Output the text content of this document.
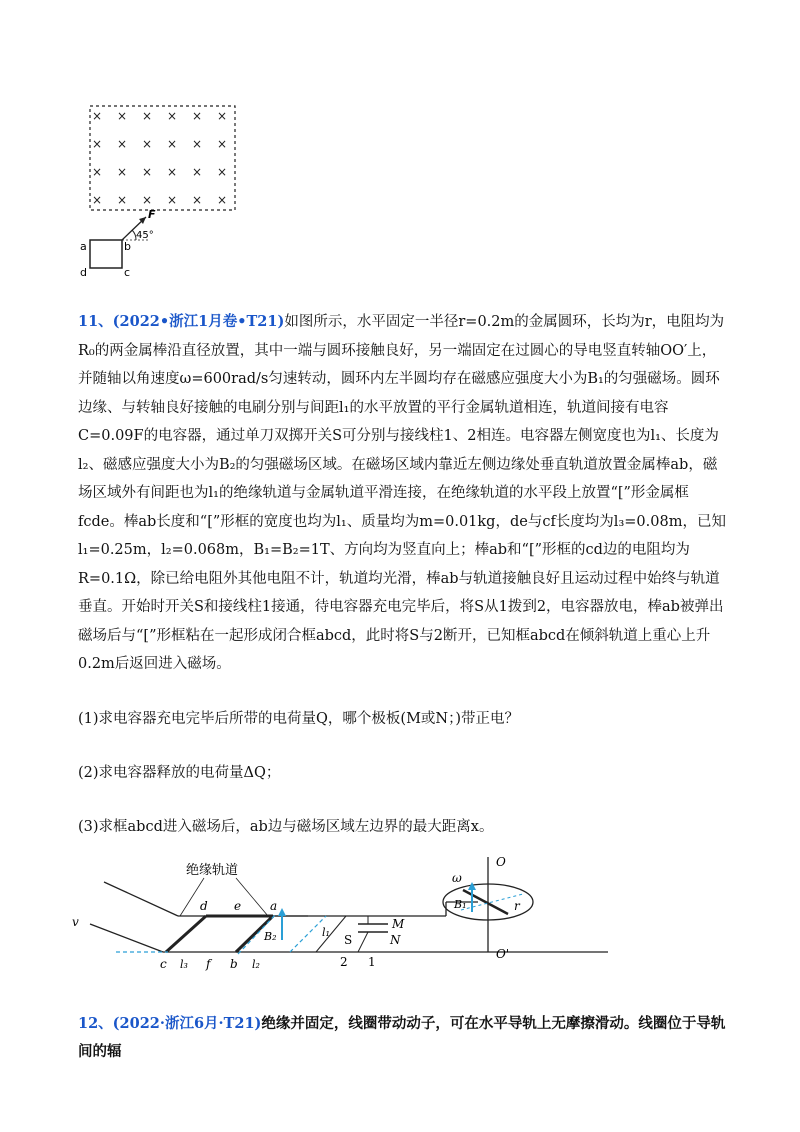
× × × × × ×
× × × × × ×
× × × × × ×
× × × × × ×
a	b
c
d
F
45°
11、(2022•浙江1月卷•T21)如图所示，水平固定一半径r=0.2m的金属圆环，长均为r，电阻均为R₀的两金属棒沿直径放置，其中一端与圆环接触良好，另一端固定在过圆心的导电竖直转轴OO′上，并随轴以角速度ω=600rad/s匀速转动，圆环内左半圆均存在磁感应强度大小为B₁的匀强磁场。圆环边缘、与转轴良好接触的电刷分别与间距l₁的水平放置的平行金属轨道相连，轨道间接有电容C=0.09F的电容器，通过单刀双掷开关S可分别与接线柱1、2相连。电容器左侧宽度也为l₁、长度为l₂、磁感应强度大小为B₂的匀强磁场区域。在磁场区域内靠近左侧边缘处垂直轨道放置金属棒ab，磁场区域外有间距也为l₁的绝缘轨道与金属轨道平滑连接，在绝缘轨道的水平段上放置“[”形金属框fcde。棒ab长度和“[”形框的宽度也均为l₁、质量均为m=0.01kg，de与cf长度均为l₃=0.08m，已知l₁=0.25m，l₂=0.068m，B₁=B₂=1T、方向均为竖直向上；棒ab和“[”形框的cd边的电阻均为R=0.1Ω，除已给电阻外其他电阻不计，轨道均光滑，棒ab与轨道接触良好且运动过程中始终与轨道垂直。开始时开关S和接线柱1接通，待电容器充电完毕后，将S从1拨到2，电容器放电，棒ab被弹出磁场后与“[”形框粘在一起形成闭合框abcd，此时将S与2断开，已知框abcd在倾斜轨道上重心上升0.2m后返回进入磁场。
(1)求电容器充电完毕后所带的电荷量Q，哪个极板(M或N；)带正电？
(2)求电容器释放的电荷量ΔQ；
(3)求框abcd进入磁场后，ab边与磁场区域左边界的最大距离x。
绝缘轨道
d e a
B₂	l₁
M
N
S
2 1
c l₃ f b l₂
O
O'
ω
B₁	r
v
12、(2022·浙江6月·T21)绝缘并固定，线圈带动动子，可在水平导轨上无摩擦滑动。线圈位于导轨间的辐
